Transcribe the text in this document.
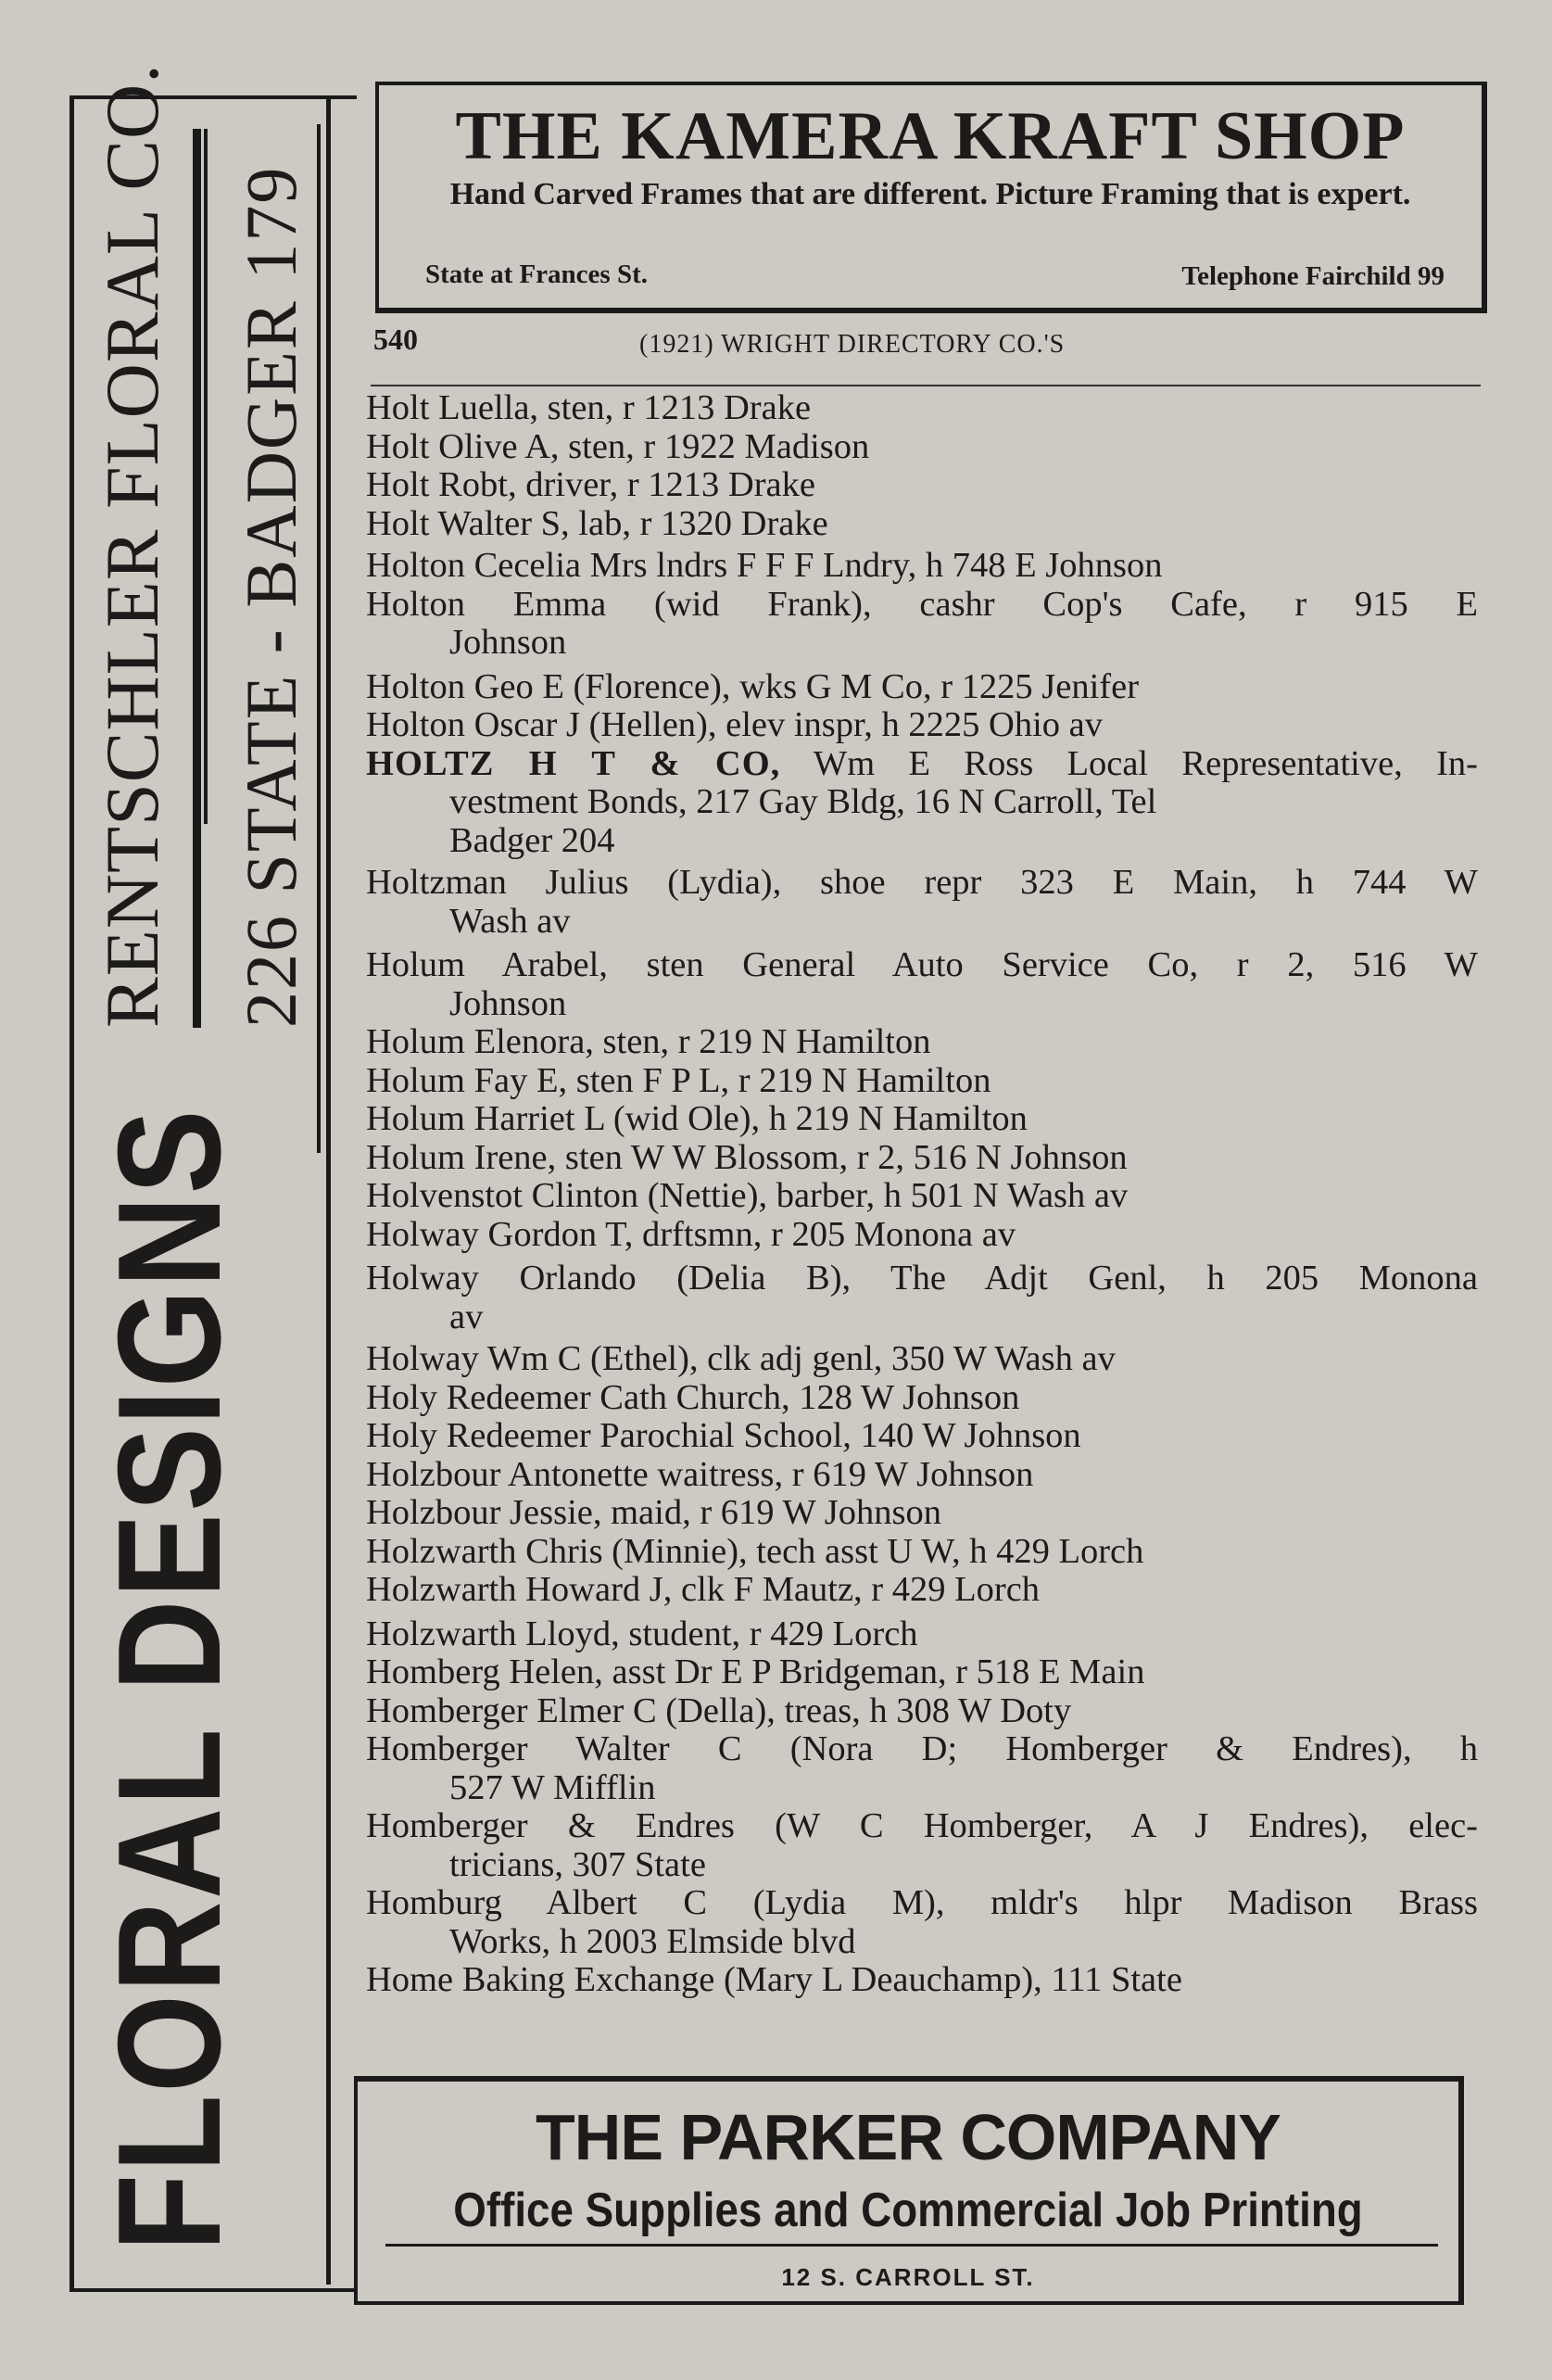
FLORAL DESIGNS
RENTSCHLER FLORAL CO. 226 STATE - BADGER 179
THE KAMERA KRAFT SHOP
Hand Carved Frames that are different. Picture Framing that is expert.
State at Frances St.	Telephone Fairchild 99
540	(1921) WRIGHT DIRECTORY CO.'S
Holt Luella, sten, r 1213 Drake
Holt Olive A, sten, r 1922 Madison
Holt Robt, driver, r 1213 Drake
Holt Walter S, lab, r 1320 Drake
Holton Cecelia Mrs lndrs F F F Lndry, h 748 E Johnson
Holton Emma (wid Frank), cashr Cop's Cafe, r 915 E
Johnson
Holton Geo E (Florence), wks G M Co, r 1225 Jenifer
Holton Oscar J (Hellen), elev inspr, h 2225 Ohio av
HOLTZ H T & CO, Wm E Ross Local Representative, In-
vestment Bonds, 217 Gay Bldg, 16 N Carroll, Tel
Badger 204
Holtzman Julius (Lydia), shoe repr 323 E Main, h 744 W
Wash av
Holum Arabel, sten General Auto Service Co, r 2, 516 W
Johnson
Holum Elenora, sten, r 219 N Hamilton
Holum Fay E, sten F P L, r 219 N Hamilton
Holum Harriet L (wid Ole), h 219 N Hamilton
Holum Irene, sten W W Blossom, r 2, 516 N Johnson
Holvenstot Clinton (Nettie), barber, h 501 N Wash av
Holway Gordon T, drftsmn, r 205 Monona av
Holway Orlando (Delia B), The Adjt Genl, h 205 Monona
av
Holway Wm C (Ethel), clk adj genl, 350 W Wash av
Holy Redeemer Cath Church, 128 W Johnson
Holy Redeemer Parochial School, 140 W Johnson
Holzbour Antonette waitress, r 619 W Johnson
Holzbour Jessie, maid, r 619 W Johnson
Holzwarth Chris (Minnie), tech asst U W, h 429 Lorch
Holzwarth Howard J, clk F Mautz, r 429 Lorch
Holzwarth Lloyd, student, r 429 Lorch
Homberg Helen, asst Dr E P Bridgeman, r 518 E Main
Homberger Elmer C (Della), treas, h 308 W Doty
Homberger Walter C (Nora D; Homberger & Endres), h
527 W Mifflin
Homberger & Endres (W C Homberger, A J Endres), elec-
tricians, 307 State
Homburg Albert C (Lydia M), mldr's hlpr Madison Brass
Works, h 2003 Elmside blvd
Home Baking Exchange (Mary L Deauchamp), 111 State
THE PARKER COMPANY
Office Supplies and Commercial Job Printing
12 S. CARROLL ST.
